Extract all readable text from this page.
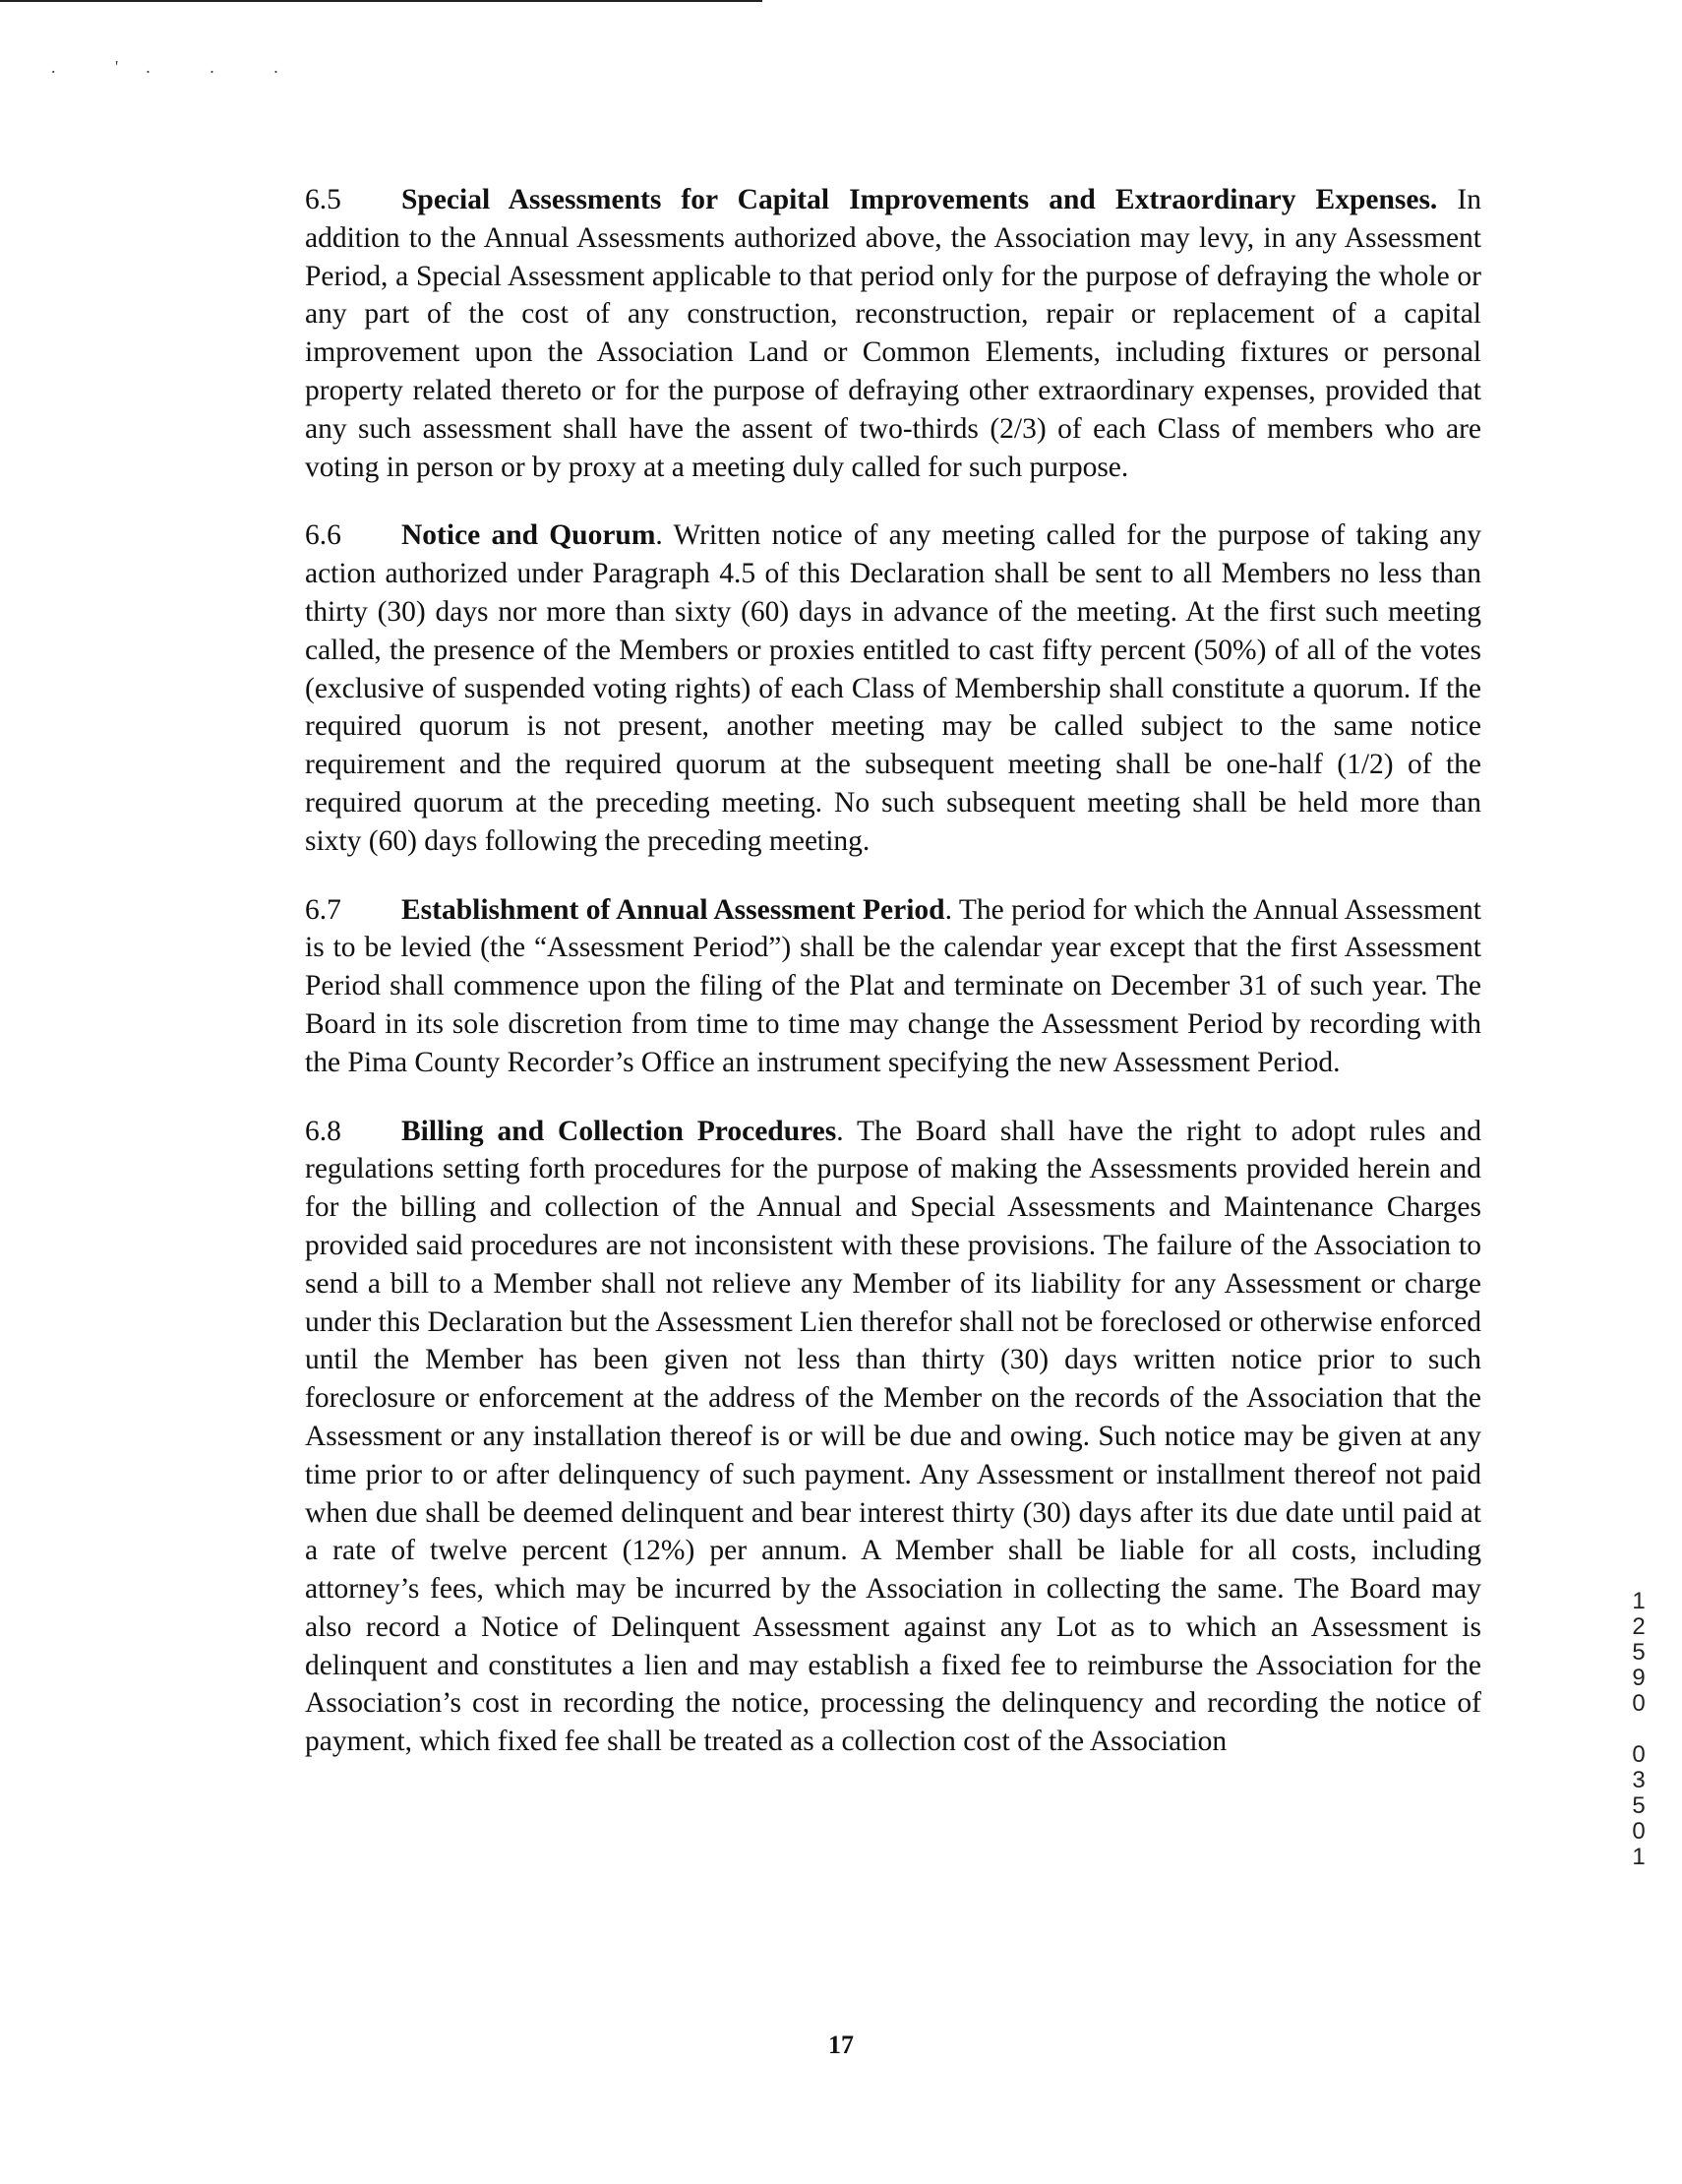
. '. . .

6.5 Special Assessments for Capital Improvements and Extraordinary Expenses. In addition to the Annual Assessments authorized above, the Association may levy, in any Assessment Period, a Special Assessment applicable to that period only for the purpose of defraying the whole or any part of the cost of any construction, reconstruction, repair or replacement of a capital improvement upon the Association Land or Common Elements, including fixtures or personal property related thereto or for the purpose of defraying other extraordinary expenses, provided that any such assessment shall have the assent of two-thirds (2/3) of each Class of members who are voting in person or by proxy at a meeting duly called for such purpose.

6.6 Notice and Quorum. Written notice of any meeting called for the purpose of taking any action authorized under Paragraph 4.5 of this Declaration shall be sent to all Members no less than thirty (30) days nor more than sixty (60) days in advance of the meeting. At the first such meeting called, the presence of the Members or proxies entitled to cast fifty percent (50%) of all of the votes (exclusive of suspended voting rights) of each Class of Membership shall constitute a quorum. If the required quorum is not present, another meeting may be called subject to the same notice requirement and the required quorum at the subsequent meeting shall be one-half (1/2) of the required quorum at the preceding meeting. No such subsequent meeting shall be held more than sixty (60) days following the preceding meeting.

6.7 Establishment of Annual Assessment Period. The period for which the Annual Assessment is to be levied (the “Assessment Period”) shall be the calendar year except that the first Assessment Period shall commence upon the filing of the Plat and terminate on December 31 of such year. The Board in its sole discretion from time to time may change the Assessment Period by recording with the Pima County Recorder’s Office an instrument specifying the new Assessment Period.

6.8 Billing and Collection Procedures. The Board shall have the right to adopt rules and regulations setting forth procedures for the purpose of making the Assessments provided herein and for the billing and collection of the Annual and Special Assessments and Maintenance Charges provided said procedures are not inconsistent with these provisions. The failure of the Association to send a bill to a Member shall not relieve any Member of its liability for any Assessment or charge under this Declaration but the Assessment Lien therefor shall not be foreclosed or otherwise enforced until the Member has been given not less than thirty (30) days written notice prior to such foreclosure or enforcement at the address of the Member on the records of the Association that the Assessment or any installation thereof is or will be due and owing. Such notice may be given at any time prior to or after delinquency of such payment. Any Assessment or installment thereof not paid when due shall be deemed delinquent and bear interest thirty (30) days after its due date until paid at a rate of twelve percent (12%) per annum. A Member shall be liable for all costs, including attorney’s fees, which may be incurred by the Association in collecting the same. The Board may also record a Notice of Delinquent Assessment against any Lot as to which an Assessment is delinquent and constitutes a lien and may establish a fixed fee to reimburse the Association for the Association’s cost in recording the notice, processing the delinquency and recording the notice of payment, which fixed fee shall be treated as a collection cost of the Association

17
1
2
5
9
0
0
3
5
0
1
